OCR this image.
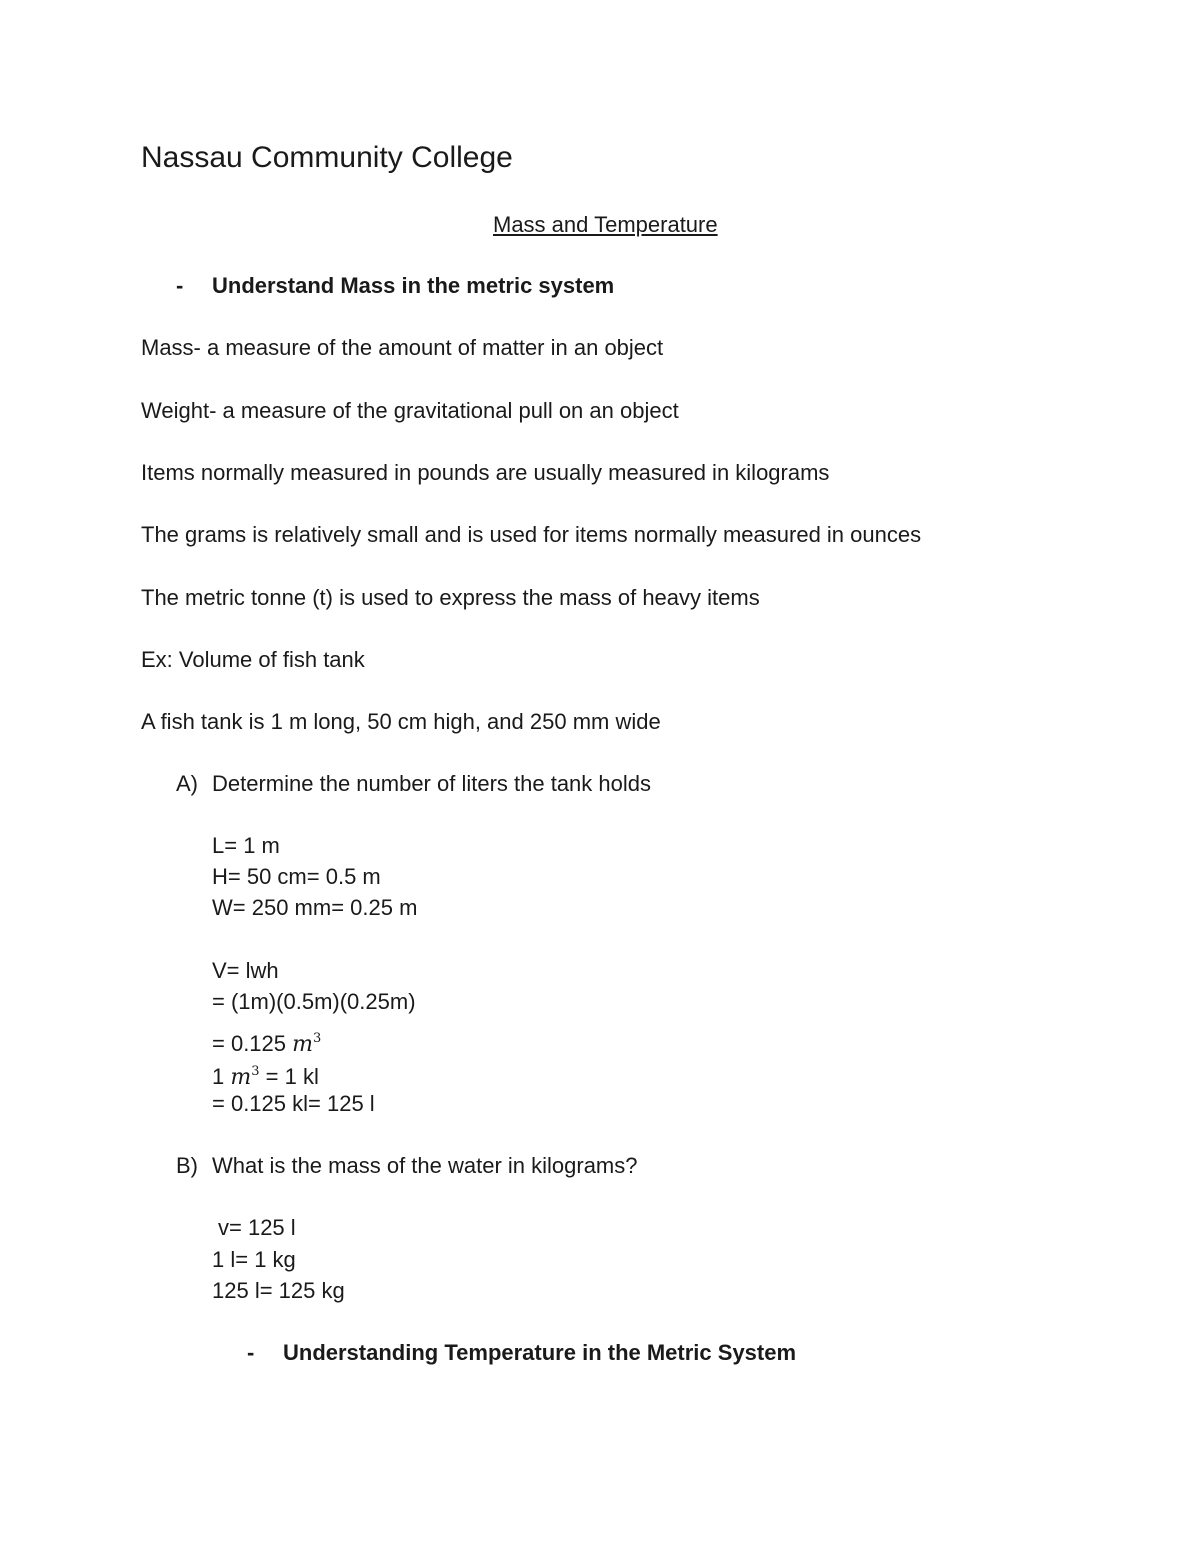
Nassau Community College
Mass and Temperature
- Understand Mass in the metric system
Mass- a measure of the amount of matter in an object
Weight- a measure of the gravitational pull on an object
Items normally measured in pounds are usually measured in kilograms
The grams is relatively small and is used for items normally measured in ounces
The metric tonne (t) is used to express the mass of heavy items
Ex: Volume of fish tank
A fish tank is 1 m long, 50 cm high, and 250 mm wide
A) Determine the number of liters the tank holds
L= 1 m
H= 50 cm= 0.5 m
W= 250 mm= 0.25 m
V= lwh
= (1m)(0.5m)(0.25m)
= 0.125 $m^3$
1 $m^3 = 1$ kl
= 0.125 kl= 125 l
B) What is the mass of the water in kilograms?
v= 125 l
1 l= 1 kg
125 l= 125 kg
- Understanding Temperature in the Metric System
